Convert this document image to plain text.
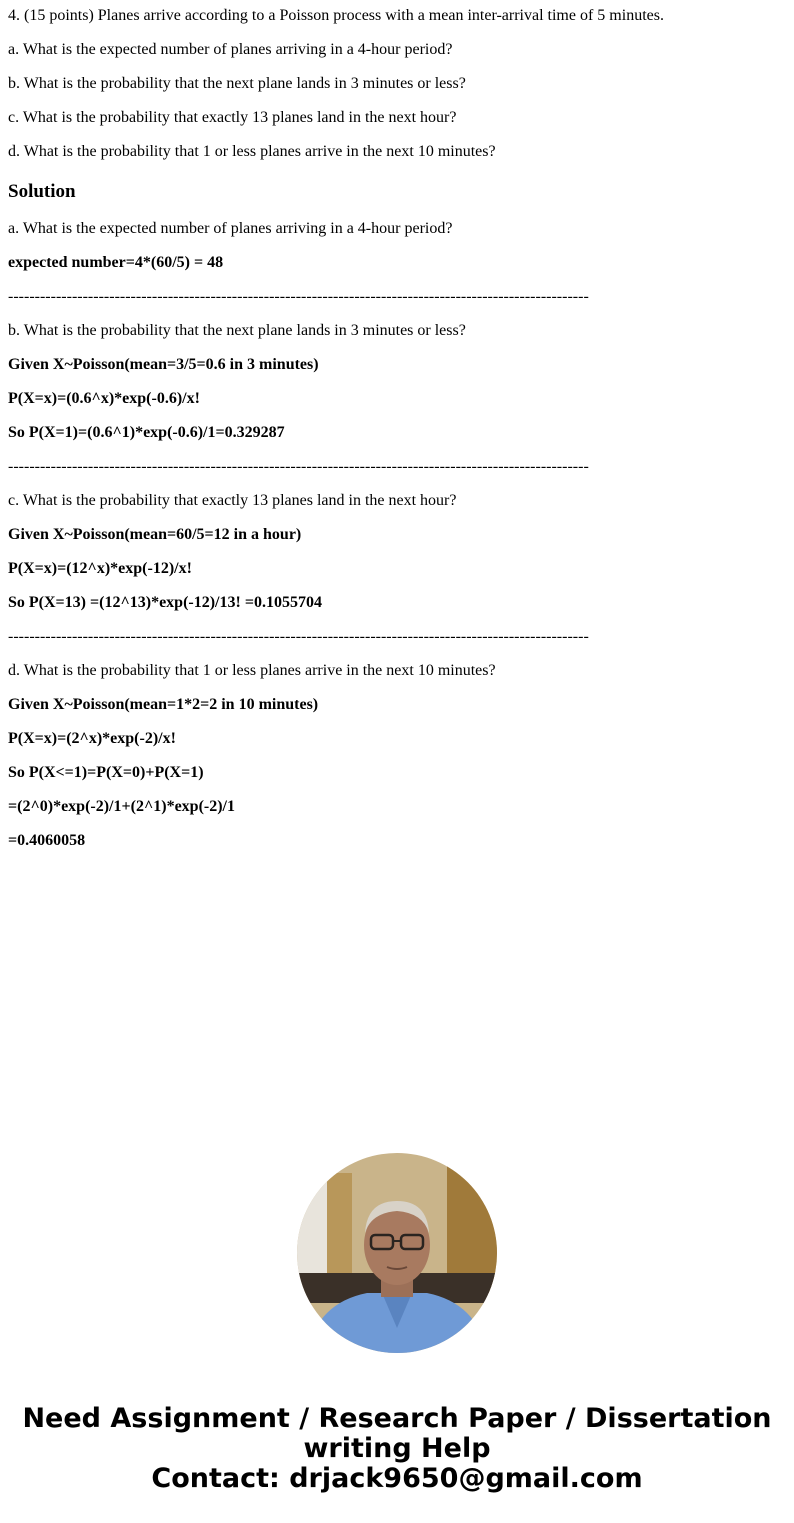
4. (15 points) Planes arrive according to a Poisson process with a mean inter-arrival time of 5 minutes.

a. What is the expected number of planes arriving in a 4-hour period?

b. What is the probability that the next plane lands in 3 minutes or less?

c. What is the probability that exactly 13 planes land in the next hour?

d. What is the probability that 1 or less planes arrive in the next 10 minutes?

Solution

a. What is the expected number of planes arriving in a 4-hour period?

expected number=4*(60/5) = 48

-------------------------------------------------------------------------------------------------------------

b. What is the probability that the next plane lands in 3 minutes or less?

Given X~Poisson(mean=3/5=0.6 in 3 minutes)

P(X=x)=(0.6^x)*exp(-0.6)/x!

So P(X=1)=(0.6^1)*exp(-0.6)/1=0.329287

-------------------------------------------------------------------------------------------------------------

c. What is the probability that exactly 13 planes land in the next hour?

Given X~Poisson(mean=60/5=12 in a hour)

P(X=x)=(12^x)*exp(-12)/x!

So P(X=13) =(12^13)*exp(-12)/13! =0.1055704

-------------------------------------------------------------------------------------------------------------

d. What is the probability that 1 or less planes arrive in the next 10 minutes?

Given X~Poisson(mean=1*2=2 in 10 minutes)

P(X=x)=(2^x)*exp(-2)/x!

So P(X<=1)=P(X=0)+P(X=1)

=(2^0)*exp(-2)/1+(2^1)*exp(-2)/1

=0.4060058

Need Assignment / Research Paper / Dissertation

writing Help

Contact: drjack9650@gmail.com
